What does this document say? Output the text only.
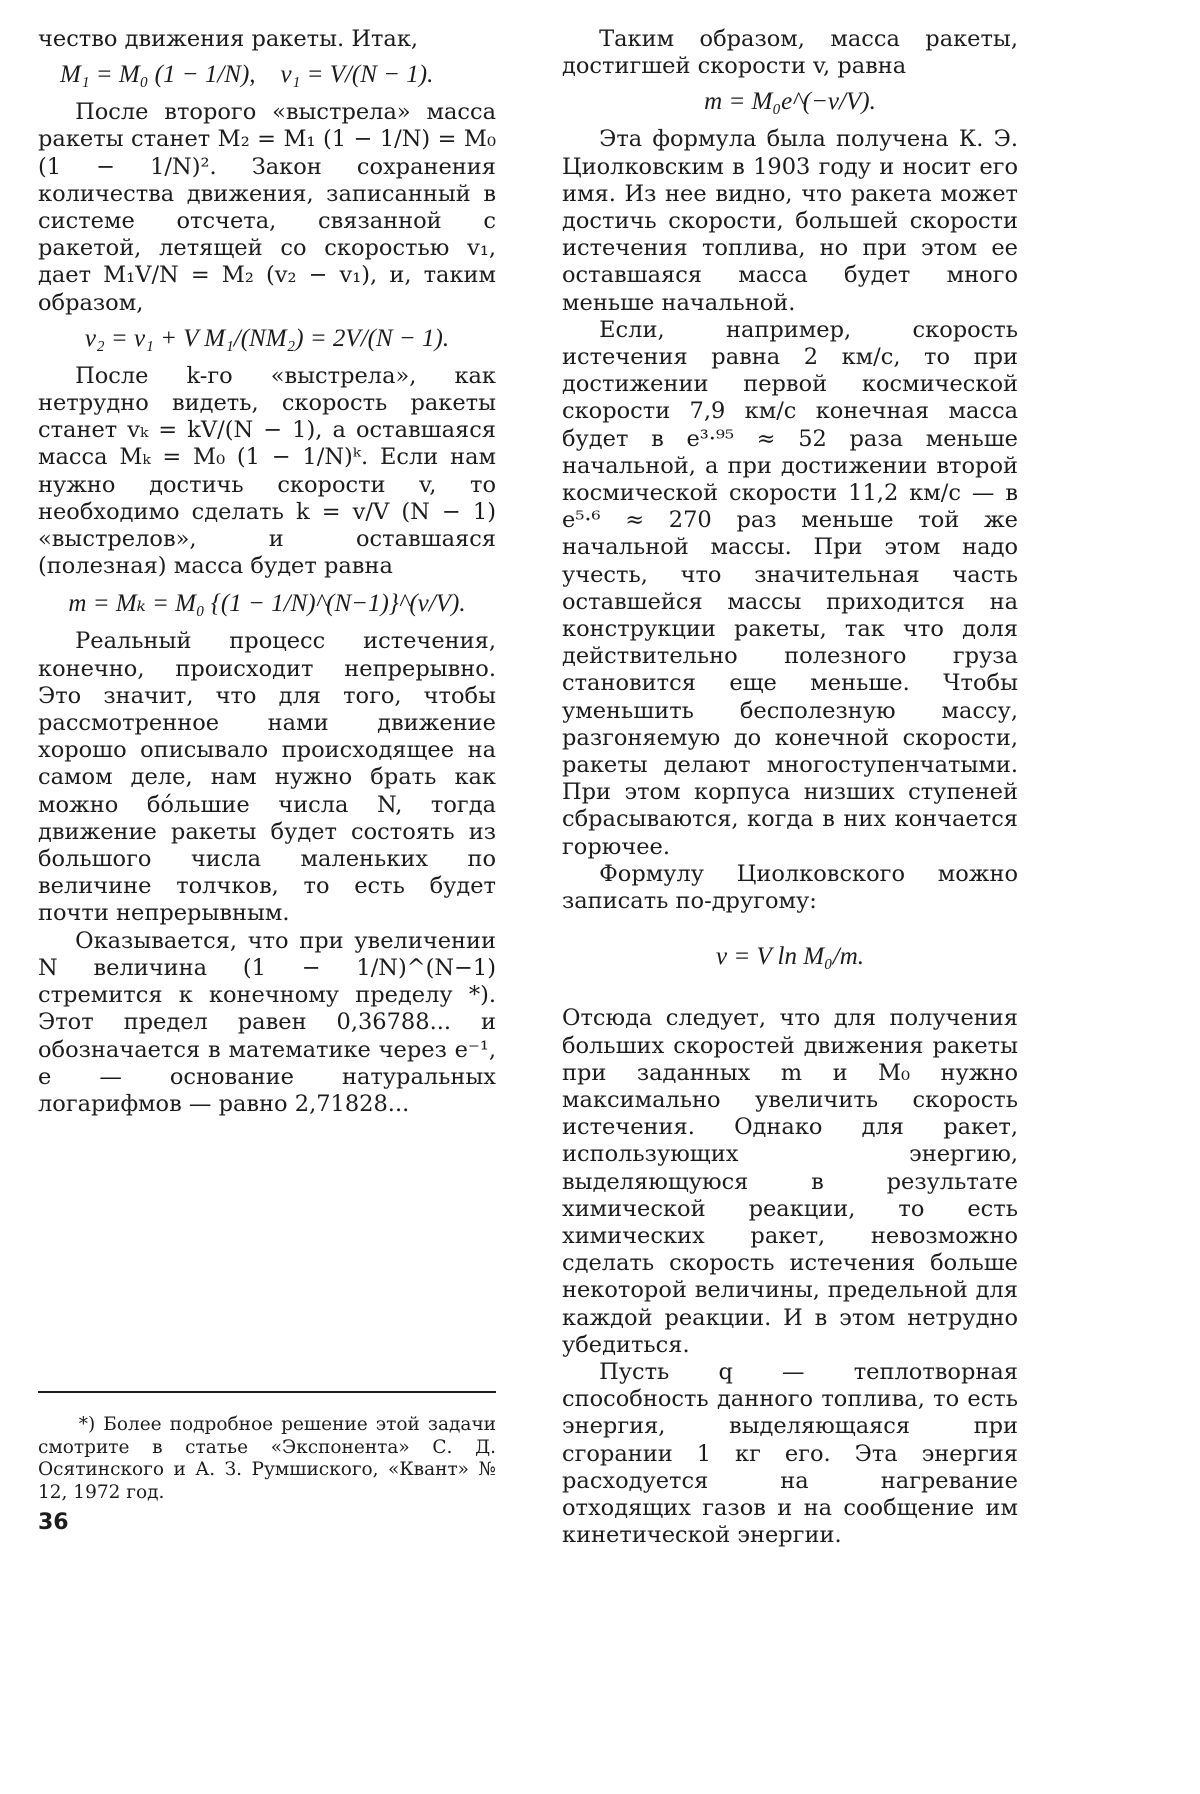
чество движения ракеты. Итак,

M₁ = M₀ (1 − 1/N),    v₁ = V/(N − 1).

После второго «выстрела» масса ракеты станет M₂ = M₁ (1 − 1/N) = M₀ (1 − 1/N)². Закон сохранения количества движения, записанный в системе отсчета, связанной с ракетой, летящей со скоростью v₁, дает M₁V/N = M₂ (v₂ − v₁), и, таким образом,

v₂ = v₁ + V M₁/(NM₂) = 2V/(N − 1).

После k-го «выстрела», как нетрудно видеть, скорость ракеты станет vₖ = kV/(N − 1), а оставшаяся масса Mₖ = M₀ (1 − 1/N)ᵏ. Если нам нужно достичь скорости v, то необходимо сделать k = v/V (N − 1) «выстрелов», и оставшаяся (полезная) масса будет равна

m = Mₖ = M₀ {(1 − 1/N)^(N−1)}^(v/V).

Реальный процесс истечения, конечно, происходит непрерывно. Это значит, что для того, чтобы рассмотренное нами движение хорошо описывало происходящее на самом деле, нам нужно брать как можно бо́льшие числа N, тогда движение ракеты будет состоять из большого числа маленьких по величине толчков, то есть будет почти непрерывным.

Оказывается, что при увеличении N величина (1 − 1/N)^(N−1) стремится к конечному пределу *). Этот предел равен 0,36788... и обозначается в математике через e⁻¹, e — основание натуральных логарифмов — равно 2,71828...

Таким образом, масса ракеты, достигшей скорости v, равна

m = M₀e^(−v/V).

Эта формула была получена К. Э. Циолковским в 1903 году и носит его имя. Из нее видно, что ракета может достичь скорости, большей скорости истечения топлива, но при этом ее оставшаяся масса будет много меньше начальной.

Если, например, скорость истечения равна 2 км/с, то при достижении первой космической скорости 7,9 км/с конечная масса будет в e³·⁹⁵ ≈ 52 раза меньше начальной, а при достижении второй космической скорости 11,2 км/с — в e⁵·⁶ ≈ 270 раз меньше той же начальной массы. При этом надо учесть, что значительная часть оставшейся массы приходится на конструкции ракеты, так что доля действительно полезного груза становится еще меньше. Чтобы уменьшить бесполезную массу, разгоняемую до конечной скорости, ракеты делают многоступенчатыми. При этом корпуса низших ступеней сбрасываются, когда в них кончается горючее.

Формулу Циолковского можно записать по-другому:

v = V ln M₀/m.

Отсюда следует, что для получения больших скоростей движения ракеты при заданных m и M₀ нужно максимально увеличить скорость истечения. Однако для ракет, использующих энергию, выделяющуюся в результате химической реакции, то есть химических ракет, невозможно сделать скорость истечения больше некоторой величины, предельной для каждой реакции. И в этом нетрудно убедиться.

Пусть q — теплотворная способность данного топлива, то есть энергия, выделяющаяся при сгорании 1 кг его. Эта энергия расходуется на нагревание отходящих газов и на сообщение им кинетической энергии.

*) Более подробное решение этой задачи смотрите в статье «Экспонента» С. Д. Осятинского и А. З. Румшиского, «Квант» № 12, 1972 год.

36
